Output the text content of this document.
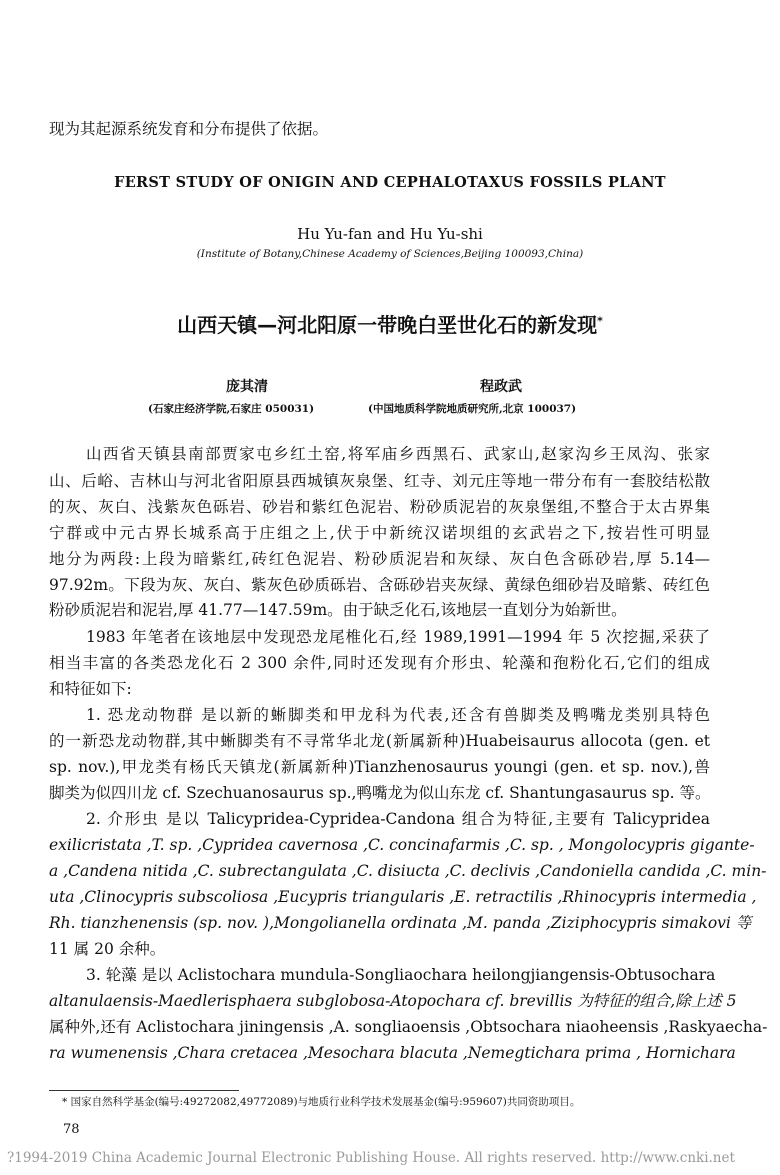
现为其起源系统发育和分布提供了依据。
FERST STUDY OF ONIGIN AND CEPHALOTAXUS FOSSILS PLANT
Hu Yu-fan and Hu Yu-shi
(Institute of Botany,Chinese Academy of Sciences,Beijing 100093,China)
山西天镇—河北阳原一带晚白垩世化石的新发现*
庞其清	程政武
(石家庄经济学院,石家庄 050031)	(中国地质科学院地质研究所,北京 100037)
山西省天镇县南部贾家屯乡红土窑,将军庙乡西黑石、武家山,赵家沟乡王凤沟、张家
山、后峪、吉林山与河北省阳原县西城镇灰泉堡、红寺、刘元庄等地一带分布有一套胶结松散
的灰、灰白、浅紫灰色砾岩、砂岩和紫红色泥岩、粉砂质泥岩的灰泉堡组,不整合于太古界集
宁群或中元古界长城系高于庄组之上,伏于中新统汉诺坝组的玄武岩之下,按岩性可明显
地分为两段:上段为暗紫红,砖红色泥岩、粉砂质泥岩和灰绿、灰白色含砾砂岩,厚 5.14—
97.92m。下段为灰、灰白、紫灰色砂质砾岩、含砾砂岩夹灰绿、黄绿色细砂岩及暗紫、砖红色
粉砂质泥岩和泥岩,厚 41.77—147.59m。由于缺乏化石,该地层一直划分为始新世。
1983 年笔者在该地层中发现恐龙尾椎化石,经 1989,1991—1994 年 5 次挖掘,采获了
相当丰富的各类恐龙化石 2 300 余件,同时还发现有介形虫、轮藻和孢粉化石,它们的组成
和特征如下:
1. 恐龙动物群 是以新的蜥脚类和甲龙科为代表,还含有兽脚类及鸭嘴龙类别具特色
的一新恐龙动物群,其中蜥脚类有不寻常华北龙(新属新种)Huabeisaurus allocota (gen. et
sp. nov.),甲龙类有杨氏天镇龙(新属新种)Tianzhenosaurus youngi (gen. et sp. nov.),兽
脚类为似四川龙 cf. Szechuanosaurus sp.,鸭嘴龙为似山东龙 cf. Shantungasaurus sp. 等。
2. 介形虫 是以 Talicypridea-Cypridea-Candona 组合为特征,主要有 Talicypridea
exilicristata ,T. sp. ,Cypridea cavernosa ,C. concinafarmis ,C. sp. , Mongolocypris gigante-
a ,Candena nitida ,C. subrectangulata ,C. disiucta ,C. declivis ,Candoniella candida ,C. min-
uta ,Clinocypris subscoliosa ,Eucypris triangularis ,E. retractilis ,Rhinocypris intermedia ,
Rh. tianzhenensis (sp. nov. ),Mongolianella ordinata ,M. panda ,Ziziphocypris simakovi 等
11 属 20 余种。
3. 轮藻 是以 Aclistochara mundula-Songliaochara heilongjiangensis-Obtusochara
altanulaensis-Maedlerisphaera subglobosa-Atopochara cf. brevillis 为特征的组合,除上述 5
属种外,还有 Aclistochara jiningensis ,A. songliaoensis ,Obtsochara niaoheensis ,Raskyaecha-
ra wumenensis ,Chara cretacea ,Mesochara blacuta ,Nemegtichara prima , Hornichara
* 国家自然科学基金(编号:49272082,49772089)与地质行业科学技术发展基金(编号:959607)共同资助项目。
78
?1994-2019 China Academic Journal Electronic Publishing House. All rights reserved. http://www.cnki.net
